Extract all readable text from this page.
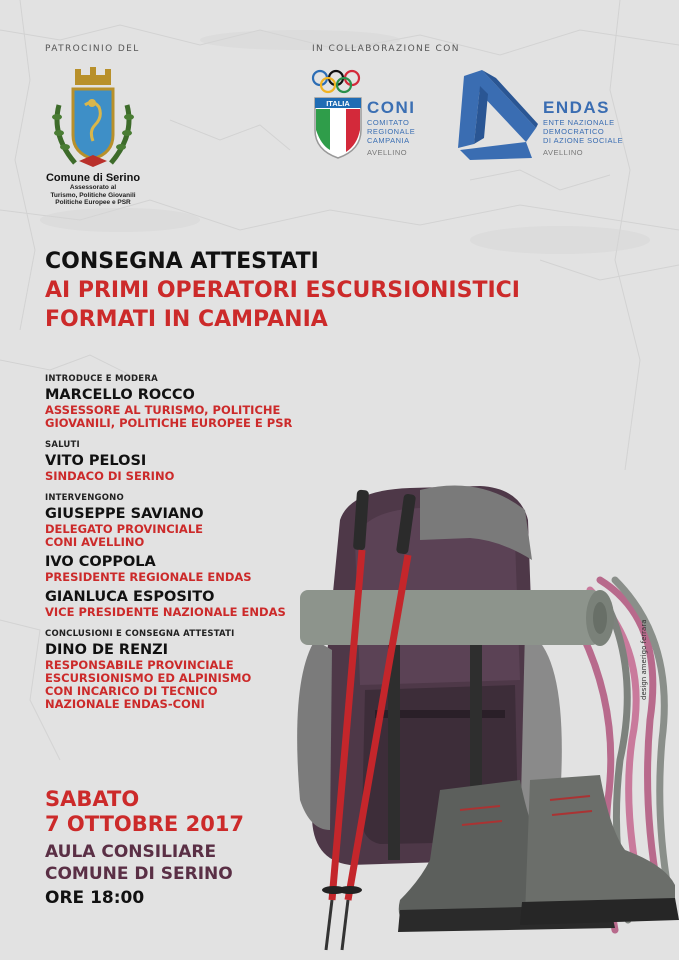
PATROCINIO DEL	IN COLLABORAZIONE CON
Comune di Serino
Assessorato al
Turismo, Politiche Giovanili
Politiche Europee e PSR
ITALIA CONI
COMITATO
REGIONALE
CAMPANIA
AVELLINO
ENDAS
ENTE NAZIONALE
DEMOCRATICO
DI AZIONE SOCIALE
AVELLINO
CONSEGNA ATTESTATI
AI PRIMI OPERATORI ESCURSIONISTICI
FORMATI IN CAMPANIA
INTRODUCE E MODERA
MARCELLO ROCCO
ASSESSORE AL TURISMO, POLITICHE
GIOVANILI, POLITICHE EUROPEE E PSR
SALUTI
VITO PELOSI
SINDACO DI SERINO
INTERVENGONO
GIUSEPPE SAVIANO
DELEGATO PROVINCIALE
CONI AVELLINO
IVO COPPOLA
PRESIDENTE REGIONALE ENDAS
GIANLUCA ESPOSITO
VICE PRESIDENTE NAZIONALE ENDAS
CONCLUSIONI E CONSEGNA ATTESTATI
DINO DE RENZI
RESPONSABILE PROVINCIALE
ESCURSIONISMO ED ALPINISMO
CON INCARICO DI TECNICO
NAZIONALE ENDAS-CONI
SABATO
7 OTTOBRE 2017
AULA CONSILIARE
COMUNE DI SERINO
ORE 18:00
design amerigo ferrara
